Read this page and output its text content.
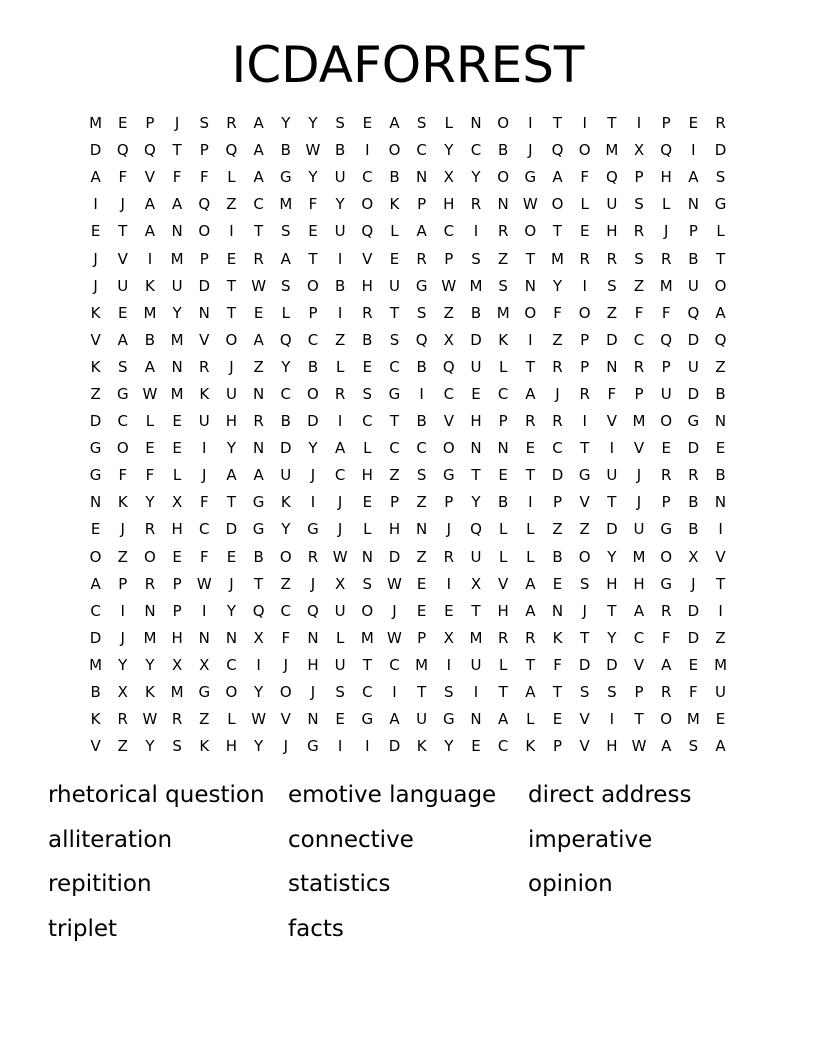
ICDAFORREST
M	E	P	J	S	R	A	Y	Y	S	E	A	S	L	N	O	I	T	I	T	I	P	E	R
D	Q	Q	T	P	Q	A	B W B	I	O	C	Y	C	B	J	Q	O M	X	Q	I	D
A	F	V	F	F	L	A	G	Y	U	C	B	N	X	Y	O	G	A	F	Q	P	H	A	S
I	J	A	A	Q	Z	C	M	F	Y	O	K	P	H	R	N W O	L	U	S	L	N	G
E	T	A	N	O	I	T	S	E	U	Q	L	A	C	I	R	O	T	E	H	R	J	P	L
J	V	I	M	P	E	R	A	T	I	V	E	R	P	S	Z	T	M	R	R	S	R	B	T
J	U	K	U	D	T	W S	O	B	H	U	G W M	S	N	Y	I	S	Z	M	U	O
K	E	M	Y	N	T	E	L	P	I	R	T	S	Z	B	M O	F	O	Z	F	F	Q	A
V	A	B	M	V	O	A	Q	C	Z	B	S	Q	X	D	K	I	Z	P	D	C	Q	D	Q
K	S	A	N	R	J	Z	Y	B	L	E	C	B	Q	U	L	T	R	P	N	R	P	U	Z
Z	G W M	K	U	N	C	O	R	S	G	I	C	E	C	A	J	R	F	P	U	D	B
D	C	L	E	U	H	R	B	D	I	C	T	B	V	H	P	R	R	I	V	M O	G	N
G	O	E	E	I	Y	N	D	Y	A	L	C	C	O	N	N	E	C	T	I	V	E	D	E
G	F	F	L	J	A	A	U	J	C	H	Z	S	G	T	E	T	D	G	U	J	R	R	B
N	K	Y	X	F	T	G	K	I	J	E	P	Z	P	Y	B	I	P	V	T	J	P	B	N
E	J	R	H	C	D	G	Y	G	J	L	H	N	J	Q	L	L	Z	Z	D	U	G	B	I
O	Z	O	E	F	E	B	O	R W N	D	Z	R	U	L	L	B	O	Y	M O	X	V
A	P	R	P	W	J	T	Z	J	X	S W	E	I	X	V	A	E	S	H	H	G	J	T
C	I	N	P	I	Y	Q	C	Q	U	O	J	E	E	T	H	A	N	J	T	A	R	D	I
D	J	M	H	N	N	X	F	N	L	M W	P	X	M	R	R	K	T	Y	C	F	D	Z
M	Y	Y	X	X	C	I	J	H	U	T	C	M	I	U	L	T	F	D	D	V	A	E	M
B	X	K	M G	O	Y	O	J	S	C	I	T	S	I	T	A	T	S	S	P	R	F	U
K	R W R	Z	L	W V	N	E	G	A	U	G	N	A	L	E	V	I	T	O M	E
V	Z	Y	S	K	H	Y	J	G	I	I	D	K	Y	E	C	K	P	V	H W A	S	A
rhetorical question	emotive language	direct address
alliteration	connective	imperative
repitition	statistics	opinion
triplet	facts
